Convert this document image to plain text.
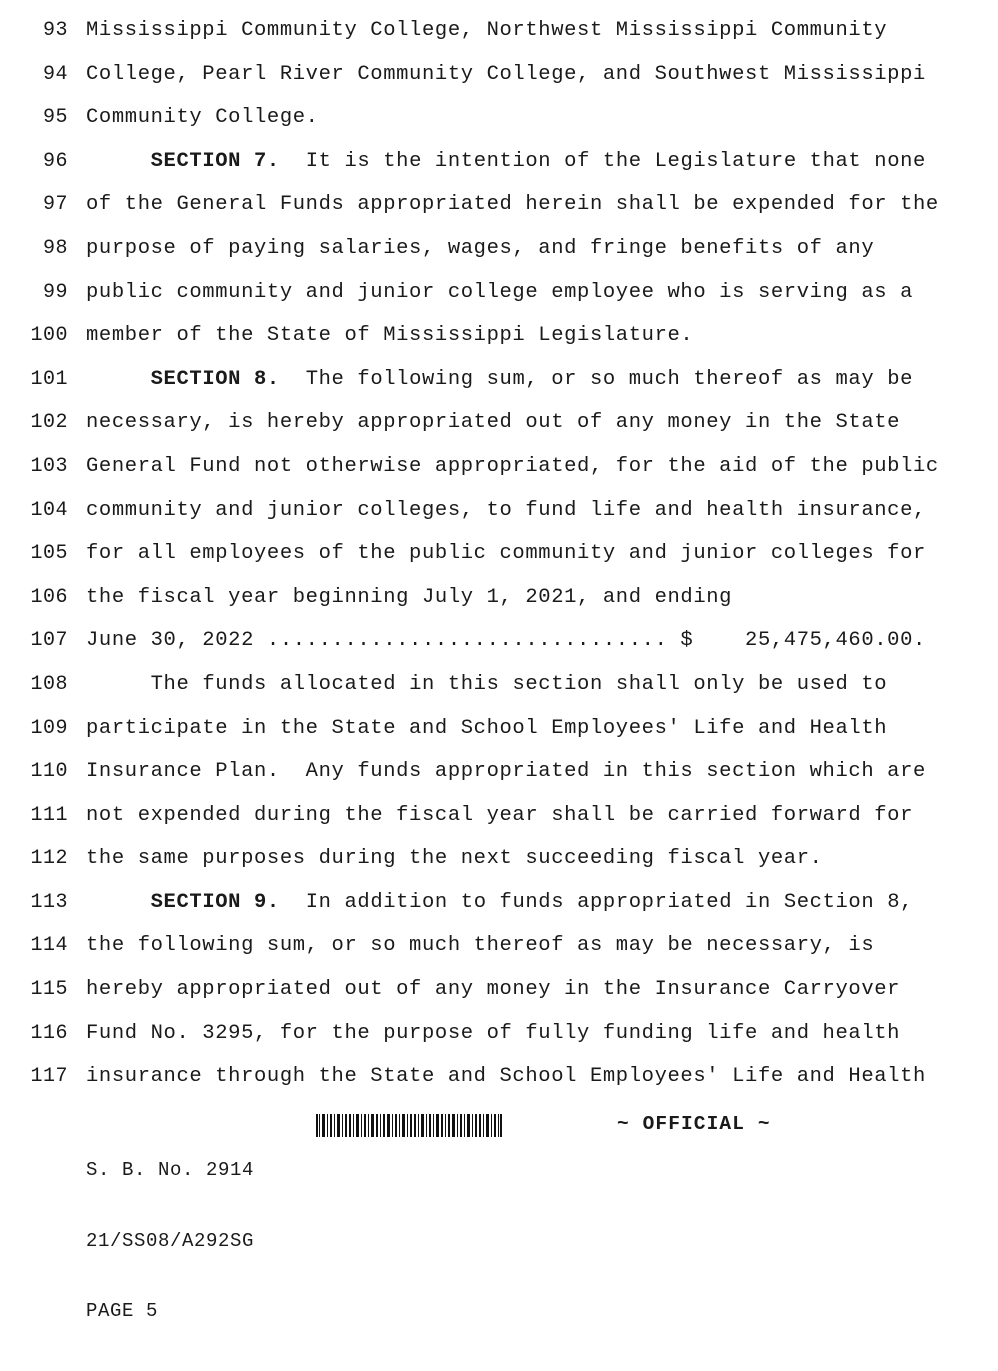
93 Mississippi Community College, Northwest Mississippi Community
94 College, Pearl River Community College, and Southwest Mississippi
95 Community College.
96	SECTION 7.  It is the intention of the Legislature that none
97 of the General Funds appropriated herein shall be expended for the
98 purpose of paying salaries, wages, and fringe benefits of any
99 public community and junior college employee who is serving as a
100 member of the State of Mississippi Legislature.
101	SECTION 8.  The following sum, or so much thereof as may be
102 necessary, is hereby appropriated out of any money in the State
103 General Fund not otherwise appropriated, for the aid of the public
104 community and junior colleges, to fund life and health insurance,
105 for all employees of the public community and junior colleges for
106 the fiscal year beginning July 1, 2021, and ending
107 June 30, 2022 ............................... $    25,475,460.00.
108	The funds allocated in this section shall only be used to
109 participate in the State and School Employees' Life and Health
110 Insurance Plan.  Any funds appropriated in this section which are
111 not expended during the fiscal year shall be carried forward for
112 the same purposes during the next succeeding fiscal year.
113	SECTION 9.  In addition to funds appropriated in Section 8,
114 the following sum, or so much thereof as may be necessary, is
115 hereby appropriated out of any money in the Insurance Carryover
116 Fund No. 3295, for the purpose of fully funding life and health
117 insurance through the State and School Employees' Life and Health

S. B. No. 2914

21/SS08/A292SG

PAGE 5

~ OFFICIAL ~
